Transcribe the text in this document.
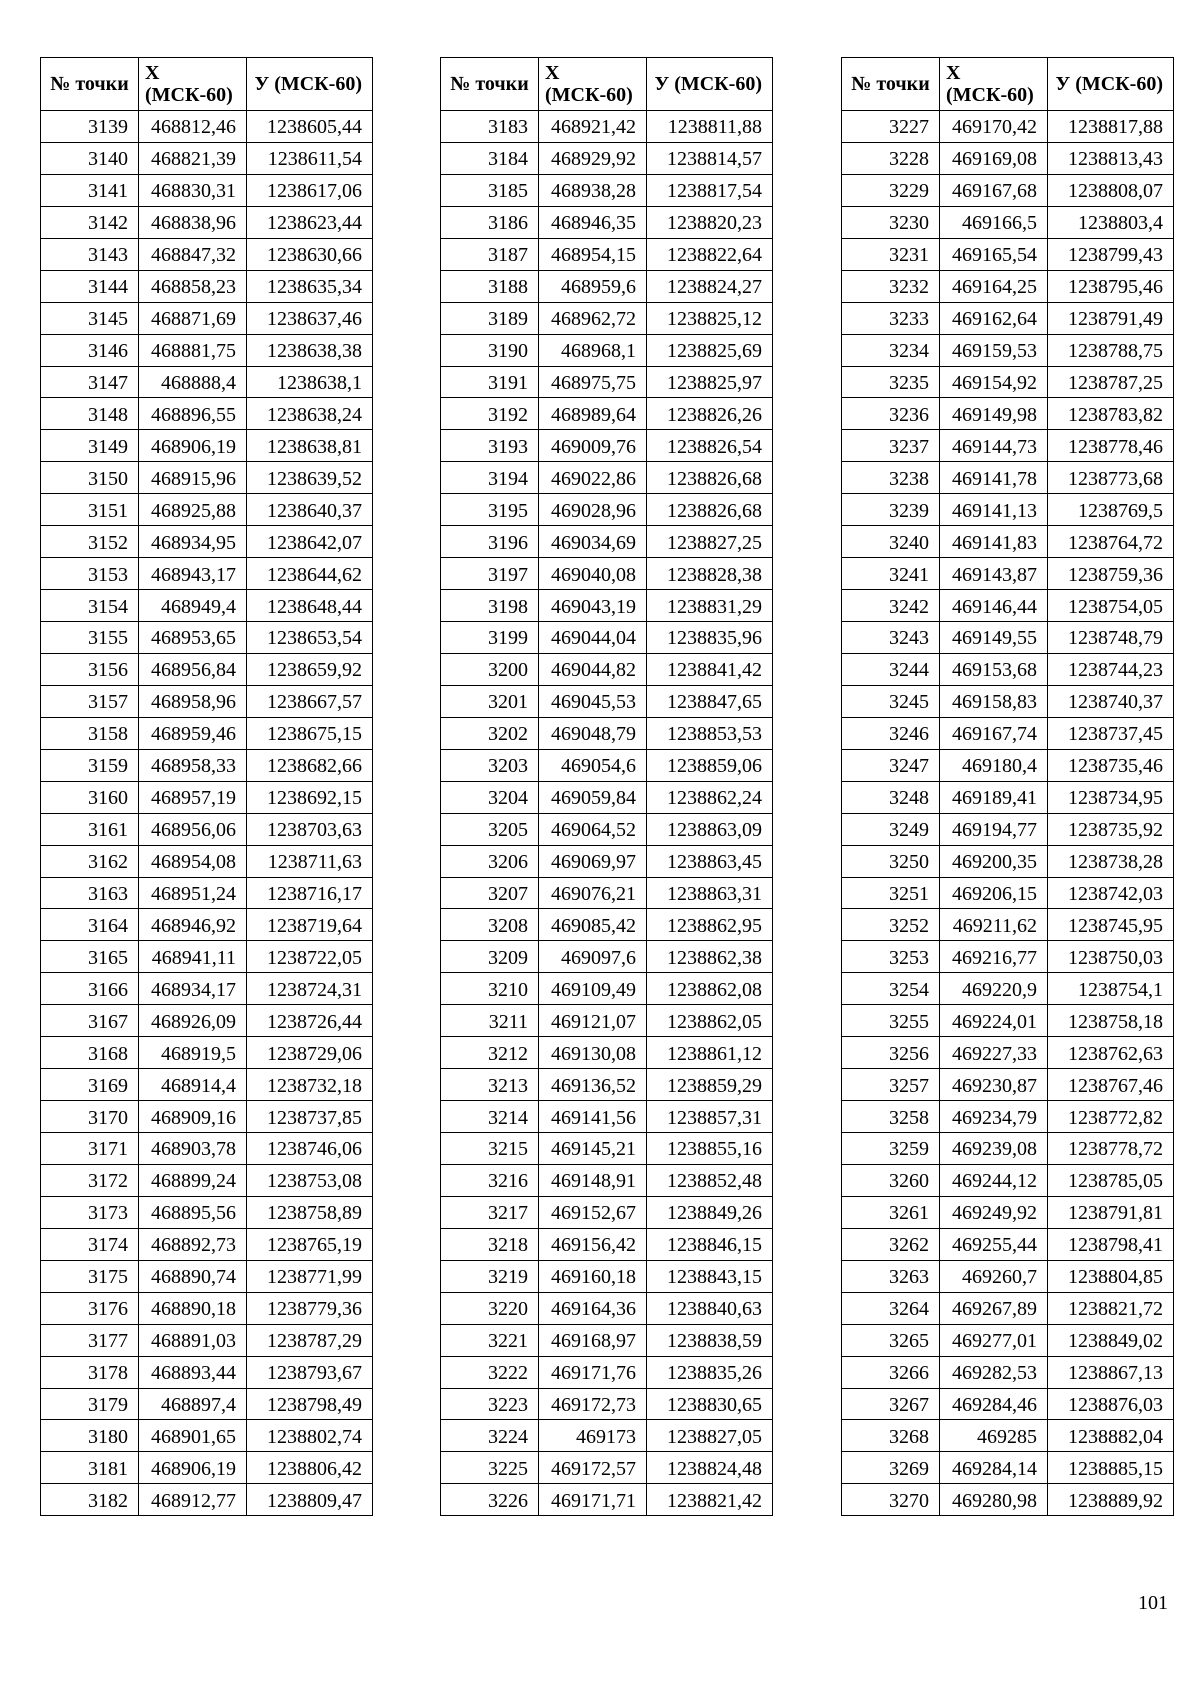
№ точки	X (МСК-60)	У (МСК-60)
3139	468812,46	1238605,44
3140	468821,39	1238611,54
3141	468830,31	1238617,06
3142	468838,96	1238623,44
3143	468847,32	1238630,66
3144	468858,23	1238635,34
3145	468871,69	1238637,46
3146	468881,75	1238638,38
3147	468888,4	1238638,1
3148	468896,55	1238638,24
3149	468906,19	1238638,81
3150	468915,96	1238639,52
3151	468925,88	1238640,37
3152	468934,95	1238642,07
3153	468943,17	1238644,62
3154	468949,4	1238648,44
3155	468953,65	1238653,54
3156	468956,84	1238659,92
3157	468958,96	1238667,57
3158	468959,46	1238675,15
3159	468958,33	1238682,66
3160	468957,19	1238692,15
3161	468956,06	1238703,63
3162	468954,08	1238711,63
3163	468951,24	1238716,17
3164	468946,92	1238719,64
3165	468941,11	1238722,05
3166	468934,17	1238724,31
3167	468926,09	1238726,44
3168	468919,5	1238729,06
3169	468914,4	1238732,18
3170	468909,16	1238737,85
3171	468903,78	1238746,06
3172	468899,24	1238753,08
3173	468895,56	1238758,89
3174	468892,73	1238765,19
3175	468890,74	1238771,99
3176	468890,18	1238779,36
3177	468891,03	1238787,29
3178	468893,44	1238793,67
3179	468897,4	1238798,49
3180	468901,65	1238802,74
3181	468906,19	1238806,42
3182	468912,77	1238809,47
№ точки	X (МСК-60)	У (МСК-60)
3183	468921,42	1238811,88
3184	468929,92	1238814,57
3185	468938,28	1238817,54
3186	468946,35	1238820,23
3187	468954,15	1238822,64
3188	468959,6	1238824,27
3189	468962,72	1238825,12
3190	468968,1	1238825,69
3191	468975,75	1238825,97
3192	468989,64	1238826,26
3193	469009,76	1238826,54
3194	469022,86	1238826,68
3195	469028,96	1238826,68
3196	469034,69	1238827,25
3197	469040,08	1238828,38
3198	469043,19	1238831,29
3199	469044,04	1238835,96
3200	469044,82	1238841,42
3201	469045,53	1238847,65
3202	469048,79	1238853,53
3203	469054,6	1238859,06
3204	469059,84	1238862,24
3205	469064,52	1238863,09
3206	469069,97	1238863,45
3207	469076,21	1238863,31
3208	469085,42	1238862,95
3209	469097,6	1238862,38
3210	469109,49	1238862,08
3211	469121,07	1238862,05
3212	469130,08	1238861,12
3213	469136,52	1238859,29
3214	469141,56	1238857,31
3215	469145,21	1238855,16
3216	469148,91	1238852,48
3217	469152,67	1238849,26
3218	469156,42	1238846,15
3219	469160,18	1238843,15
3220	469164,36	1238840,63
3221	469168,97	1238838,59
3222	469171,76	1238835,26
3223	469172,73	1238830,65
3224	469173	1238827,05
3225	469172,57	1238824,48
3226	469171,71	1238821,42
№ точки	X (МСК-60)	У (МСК-60)
3227	469170,42	1238817,88
3228	469169,08	1238813,43
3229	469167,68	1238808,07
3230	469166,5	1238803,4
3231	469165,54	1238799,43
3232	469164,25	1238795,46
3233	469162,64	1238791,49
3234	469159,53	1238788,75
3235	469154,92	1238787,25
3236	469149,98	1238783,82
3237	469144,73	1238778,46
3238	469141,78	1238773,68
3239	469141,13	1238769,5
3240	469141,83	1238764,72
3241	469143,87	1238759,36
3242	469146,44	1238754,05
3243	469149,55	1238748,79
3244	469153,68	1238744,23
3245	469158,83	1238740,37
3246	469167,74	1238737,45
3247	469180,4	1238735,46
3248	469189,41	1238734,95
3249	469194,77	1238735,92
3250	469200,35	1238738,28
3251	469206,15	1238742,03
3252	469211,62	1238745,95
3253	469216,77	1238750,03
3254	469220,9	1238754,1
3255	469224,01	1238758,18
3256	469227,33	1238762,63
3257	469230,87	1238767,46
3258	469234,79	1238772,82
3259	469239,08	1238778,72
3260	469244,12	1238785,05
3261	469249,92	1238791,81
3262	469255,44	1238798,41
3263	469260,7	1238804,85
3264	469267,89	1238821,72
3265	469277,01	1238849,02
3266	469282,53	1238867,13
3267	469284,46	1238876,03
3268	469285	1238882,04
3269	469284,14	1238885,15
3270	469280,98	1238889,92
101
